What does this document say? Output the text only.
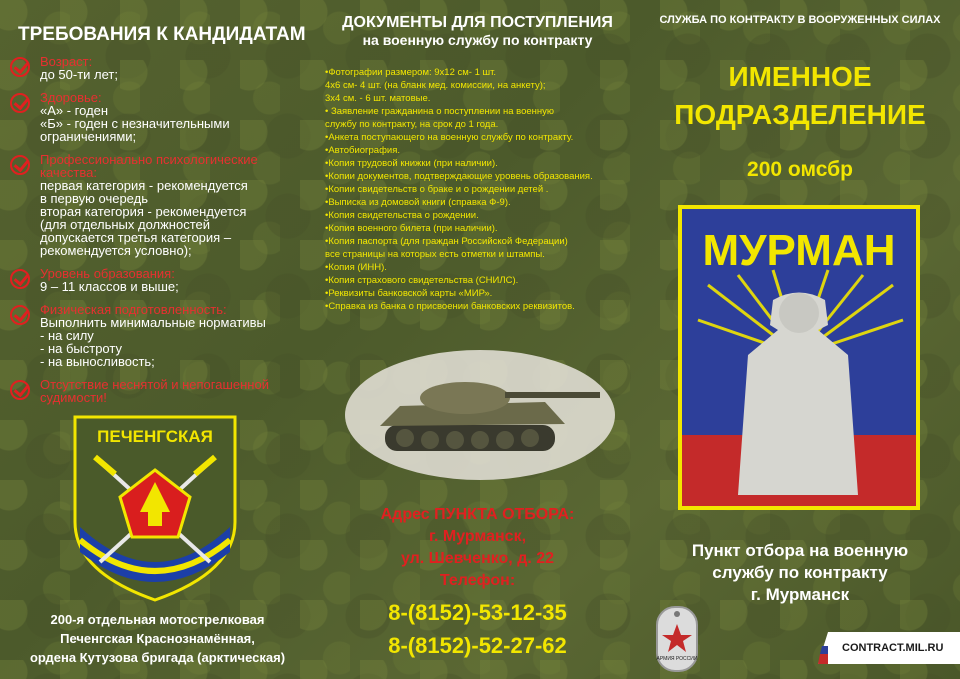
ТРЕБОВАНИЯ К КАНДИДАТАМ
Возраст:
до 50-ти лет;
Здоровье:
«А» - годен
«Б» - годен с незначительными
ограничениями;
Профессионально психологические качества:
первая категория - рекомендуется
в первую очередь
вторая категория - рекомендуется
(для отдельных должностей
допускается третья категория –
рекомендуется условно);
Уровень образования:
9 – 11 классов и выше;
Физическая подготовленность:
Выполнить минимальные нормативы
- на силу
- на быстроту
- на выносливость;
Отсутствие неснятой и непогашенной судимости!
ПЕЧЕНГСКАЯ
200-я отдельная мотострелковая
Печенгская Краснознамённая,
ордена Кутузова бригада (арктическая)
ДОКУМЕНТЫ ДЛЯ ПОСТУПЛЕНИЯ
на военную службу по контракту
•Фотографии размером: 9х12 см- 1 шт.
4х6 см- 4 шт. (на бланк мед. комиссии, на анкету);
3х4 см. - 6 шт. матовые.
• Заявление гражданина о поступлении на военную
службу по контракту, на срок до 1 года.
•Анкета поступающего на военную службу по контракту.
•Автобиография.
•Копия трудовой книжки (при наличии).
•Копии документов, подтверждающие уровень образования.
•Копии свидетельств о браке и о рождении детей .
•Выписка из домовой книги (справка Ф-9).
•Копия свидетельства о рождении.
•Копия военного билета (при наличии).
•Копия паспорта (для граждан Российской Федерации)
все страницы на которых есть отметки и штампы.
•Копия (ИНН).
•Копия страхового свидетельства (СНИЛС).
•Реквизиты банковской карты «МИР».
•Справка из банка о присвоении банковских реквизитов.
Адрес ПУНКТА ОТБОРА:
г. Мурманск,
ул. Шевченко, д. 22
Телефон:
8-(8152)-53-12-35
8-(8152)-52-27-62
СЛУЖБА ПО КОНТРАКТУ В ВООРУЖЕННЫХ СИЛАХ
ИМЕННОЕ
ПОДРАЗДЕЛЕНИЕ
200 омсбр
МУРМАН
Пункт отбора на военную
службу по контракту
г. Мурманск
АРМИЯ РОССИИ
CONTRACT.MIL.RU
